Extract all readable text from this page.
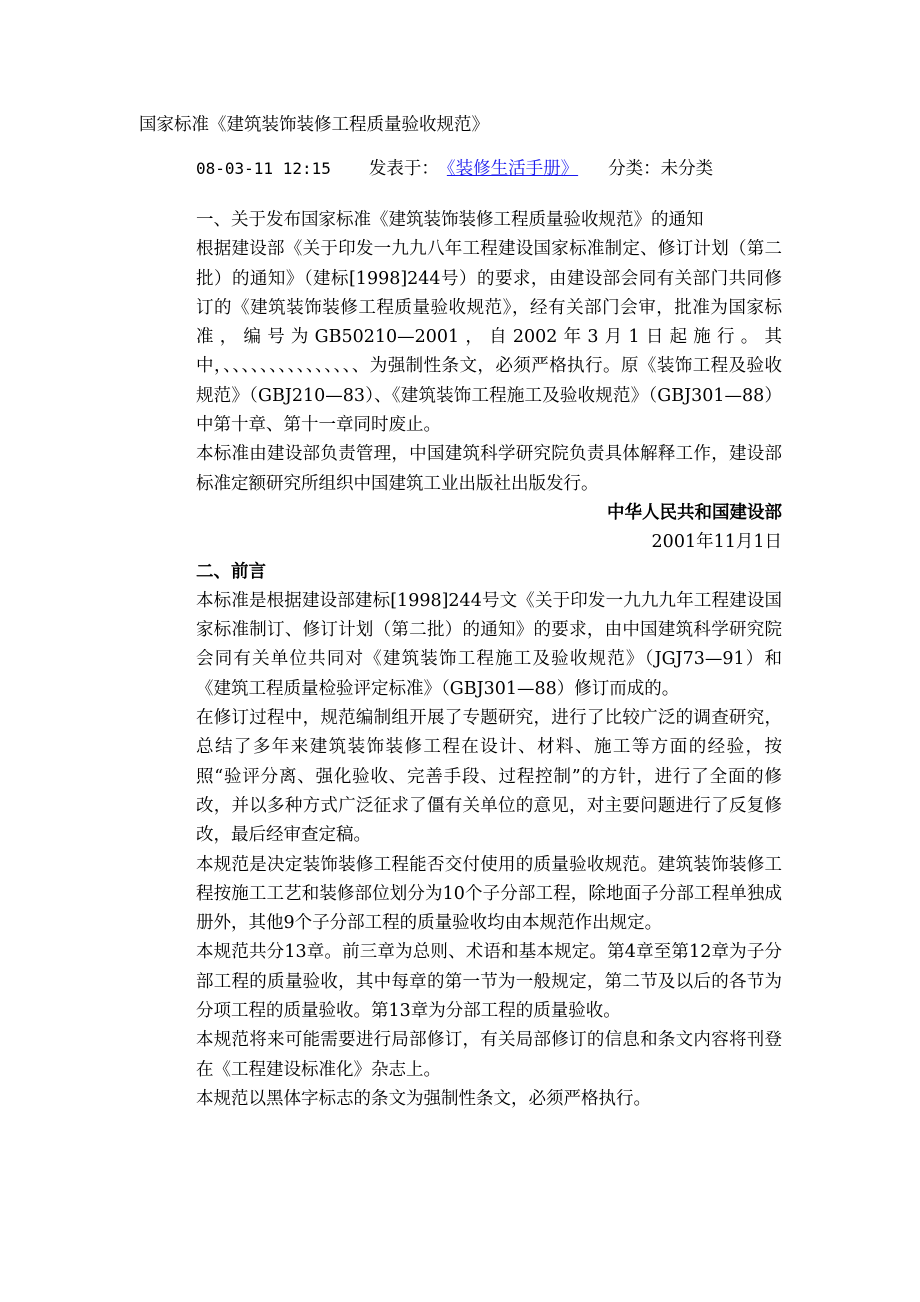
国家标准《建筑装饰装修工程质量验收规范》
08-03-11 12:15 发表于： 《装修生活手册》 分类：未分类

一、关于发布国家标准《建筑装饰装修工程质量验收规范》的通知

根据建设部《关于印发一九九八年工程建设国家标准制定、修订计划（第二批）的通知》（建标[1998]244号）的要求，由建设部会同有关部门共同修订的《建筑装饰装修工程质量验收规范》，经有关部门会审，批准为国家标准，编号为GB50210—2001，自2002年3月1日起施行。其中，、、、、、、、、、、、、、、、为强制性条文，必须严格执行。原《装饰工程及验收规范》（GBJ210—83）、《建筑装饰工程施工及验收规范》（GBJ301—88）中第十章、第十一章同时废止。

本标准由建设部负责管理，中国建筑科学研究院负责具体解释工作，建设部标准定额研究所组织中国建筑工业出版社出版发行。

中华人民共和国建设部

2001年11月1日

二、前言

本标准是根据建设部建标[1998]244号文《关于印发一九九九年工程建设国家标准制订、修订计划（第二批）的通知》的要求，由中国建筑科学研究院会同有关单位共同对《建筑装饰工程施工及验收规范》（JGJ73—91）和《建筑工程质量检验评定标准》（GBJ301—88）修订而成的。

在修订过程中，规范编制组开展了专题研究，进行了比较广泛的调查研究，总结了多年来建筑装饰装修工程在设计、材料、施工等方面的经验，按照“验评分离、强化验收、完善手段、过程控制”的方针，进行了全面的修改，并以多种方式广泛征求了僵有关单位的意见，对主要问题进行了反复修改，最后经审查定稿。

本规范是决定装饰装修工程能否交付使用的质量验收规范。建筑装饰装修工程按施工工艺和装修部位划分为10个子分部工程，除地面子分部工程单独成册外，其他9个子分部工程的质量验收均由本规范作出规定。

本规范共分13章。前三章为总则、术语和基本规定。第4章至第12章为子分部工程的质量验收，其中每章的第一节为一般规定，第二节及以后的各节为分项工程的质量验收。第13章为分部工程的质量验收。

本规范将来可能需要进行局部修订，有关局部修订的信息和条文内容将刊登在《工程建设标准化》杂志上。

本规范以黑体字标志的条文为强制性条文，必须严格执行。
